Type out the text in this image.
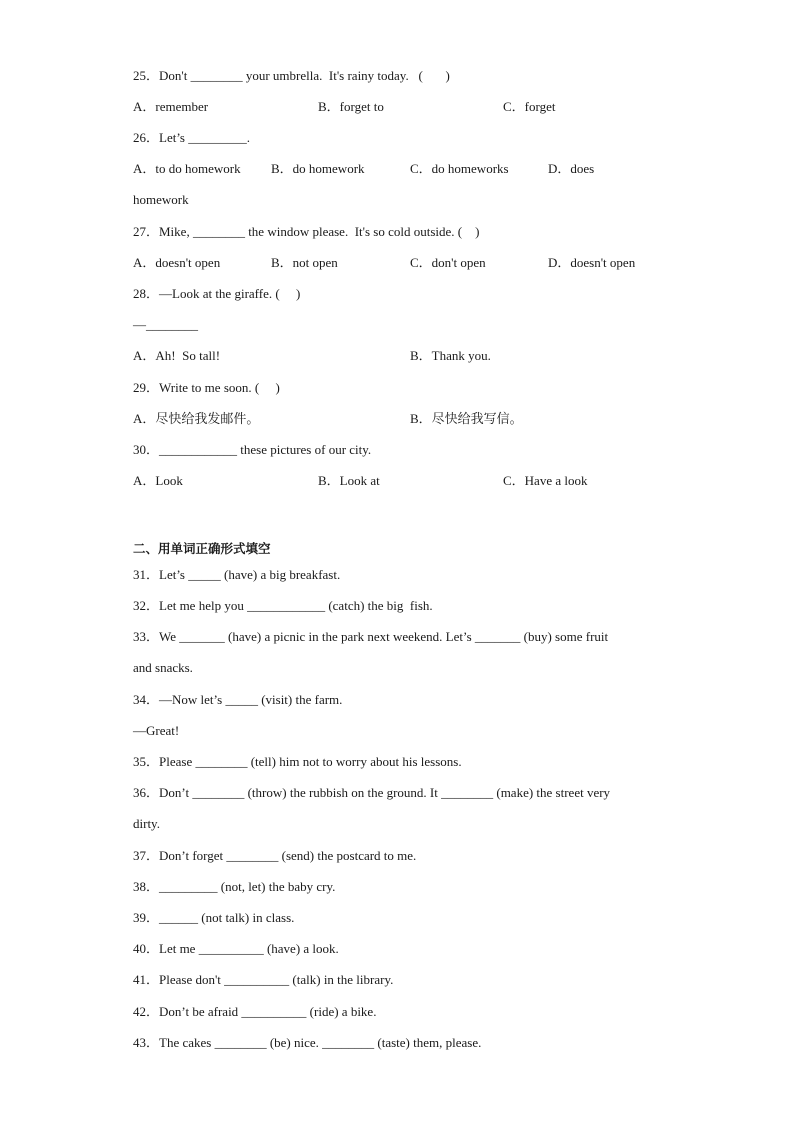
25．Don't ________ your umbrella.  It's rainy today.   (       )
A．remember	B．forget to	C．forget
26．Let’s _________.
A．to do homework B．do homework	C．do homeworks	D．does
homework
27．Mike, ________ the window please.  It's so cold outside. (    )
A．doesn't open	B．not open	C．don't open	D．doesn't open
28．—Look at the giraffe. (     )
—________
A．Ah!  So tall!	B．Thank you.
29．Write to me soon. (     )
A．尽快给我发邮件。	B．尽快给我写信。
30．____________ these pictures of our city.
A．Look	B．Look at	C．Have a look
二、用单词正确形式填空
31．Let’s _____ (have) a big breakfast.
32．Let me help you ____________ (catch) the big  fish.
33．We _______ (have) a picnic in the park next weekend. Let’s _______ (buy) some fruit
and snacks.
34．—Now let’s _____ (visit) the farm.
—Great!
35．Please ________ (tell) him not to worry about his lessons.
36．Don’t ________ (throw) the rubbish on the ground. It ________ (make) the street very
dirty.
37．Don’t forget ________ (send) the postcard to me.
38．_________ (not, let) the baby cry.
39．______ (not talk) in class.
40．Let me __________ (have) a look.
41．Please don't __________ (talk) in the library.
42．Don’t be afraid __________ (ride) a bike.
43．The cakes ________ (be) nice. ________ (taste) them, please.
